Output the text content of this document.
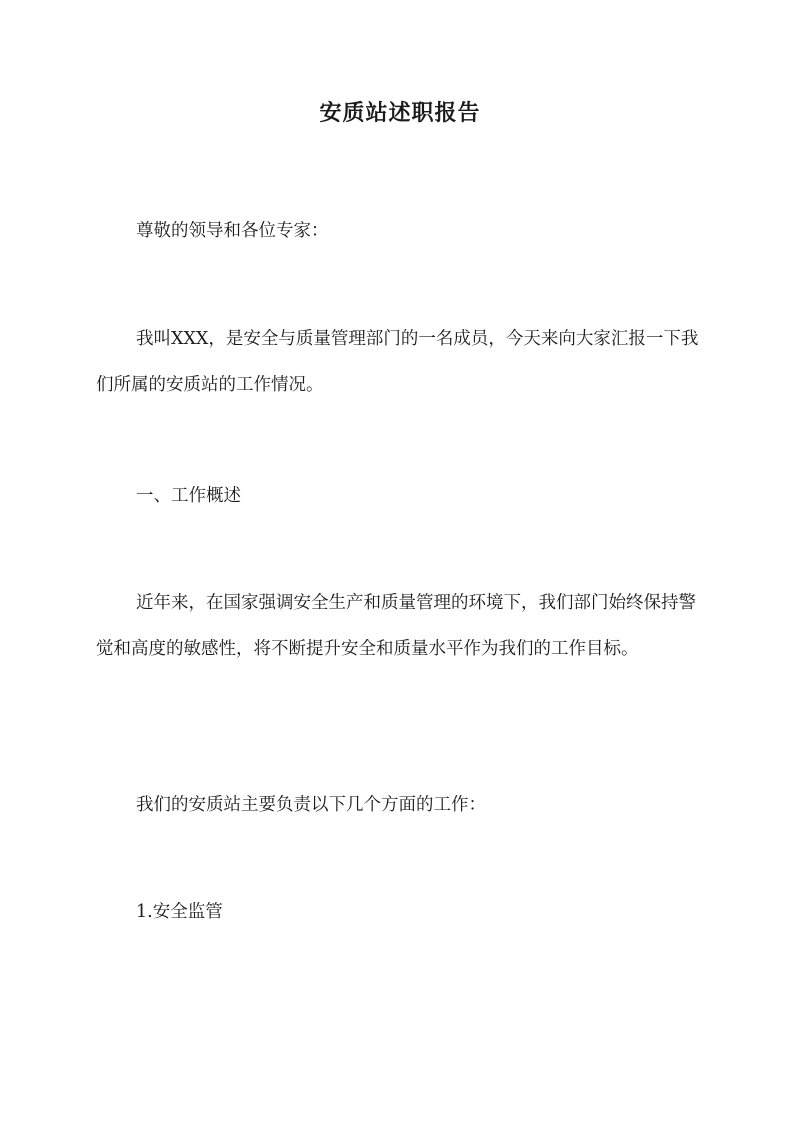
安质站述职报告

尊敬的领导和各位专家：

我叫XXX，是安全与质量管理部门的一名成员，今天来向大家汇报一下我们所属的安质站的工作情况。

一、工作概述

近年来，在国家强调安全生产和质量管理的环境下，我们部门始终保持警觉和高度的敏感性，将不断提升安全和质量水平作为我们的工作目标。

我们的安质站主要负责以下几个方面的工作：

1.安全监管
